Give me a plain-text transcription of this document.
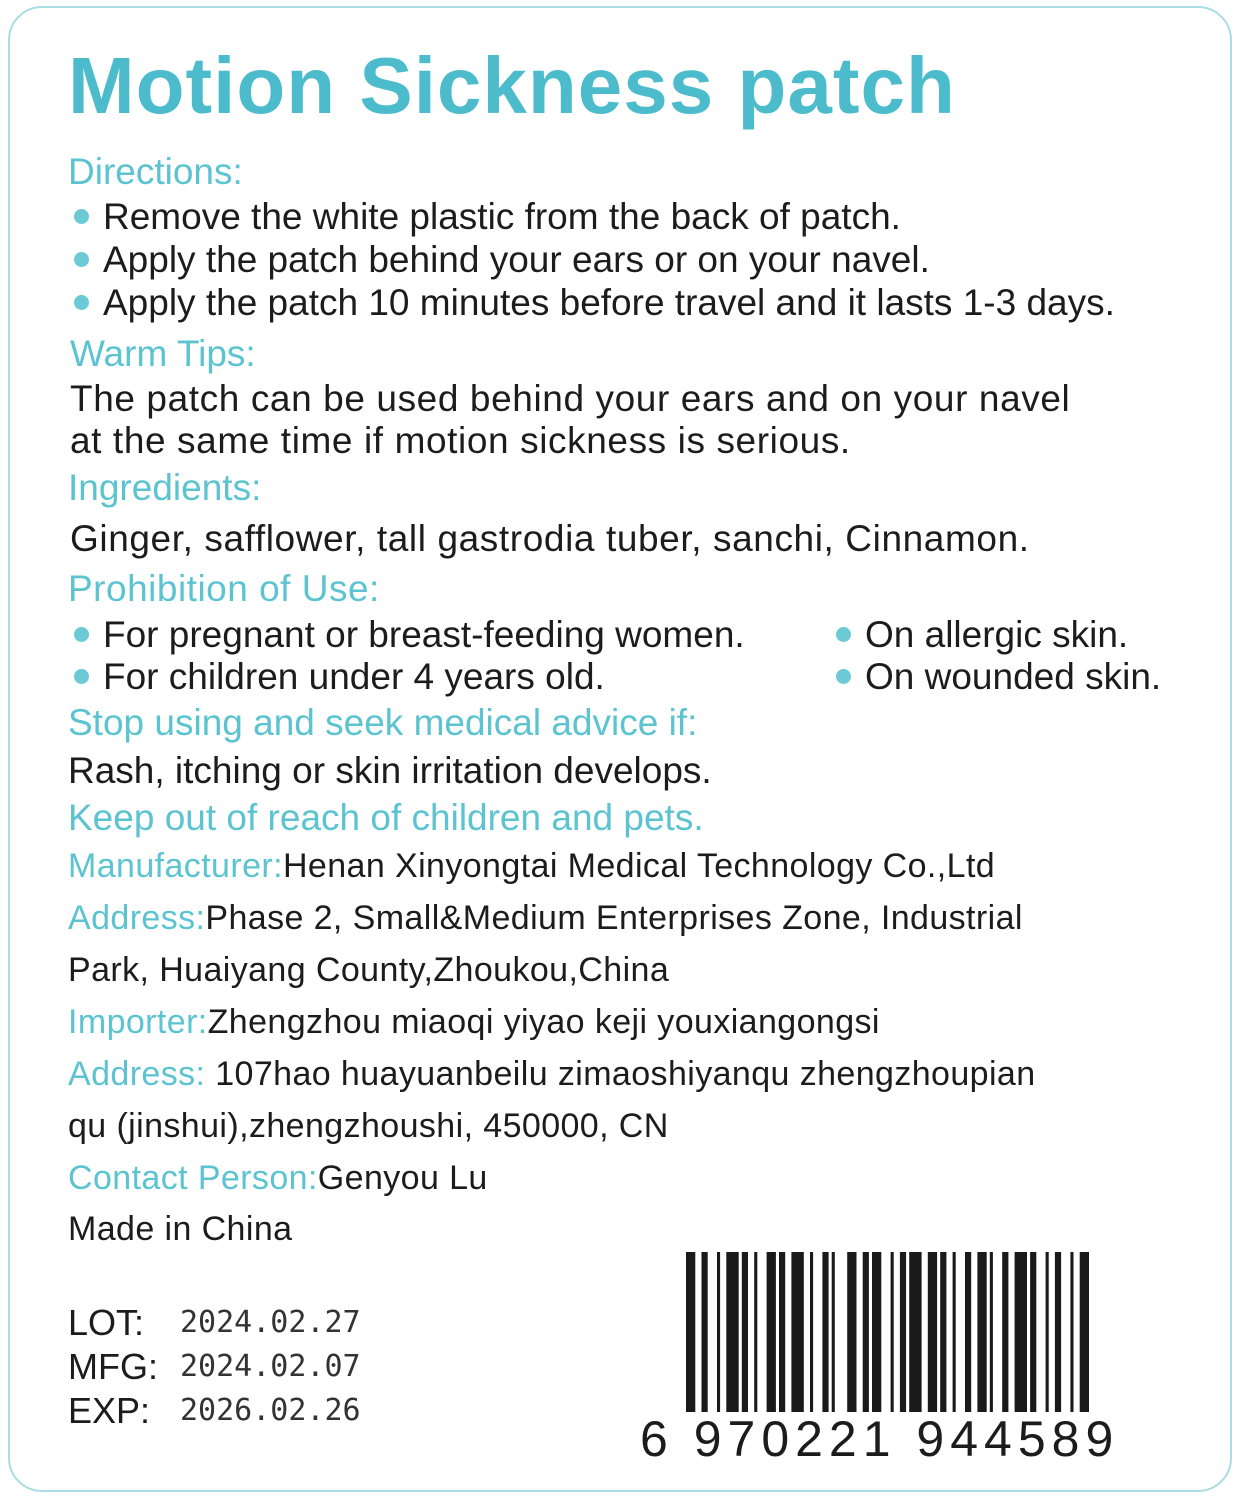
Motion Sickness patch
Directions:
Remove the white plastic from the back of patch.
Apply the patch behind your ears or on your navel.
Apply the patch 10 minutes before travel and it lasts 1-3 days.
Warm Tips:
The patch can be used behind your ears and on your navel
at the same time if motion sickness is serious.
Ingredients:
Ginger, safflower, tall gastrodia tuber, sanchi, Cinnamon.
Prohibition of Use:
For pregnant or breast-feeding women.
For children under 4 years old.
On allergic skin.
On wounded skin.
Stop using and seek medical advice if:
Rash, itching or skin irritation develops.
Keep out of reach of children and pets.
Manufacturer:Henan Xinyongtai Medical Technology Co.,Ltd
Address:Phase 2, Small&Medium Enterprises Zone, Industrial
Park, Huaiyang County,Zhoukou,China
Importer:Zhengzhou miaoqi yiyao keji youxiangongsi
Address: 107hao huayuanbeilu zimaoshiyanqu zhengzhoupian
qu (jinshui),zhengzhoushi, 450000, CN
Contact Person:Genyou Lu
Made in China
LOT: 2024.02.27
MFG: 2024.02.07
EXP: 2026.02.26
6 970221 944589
